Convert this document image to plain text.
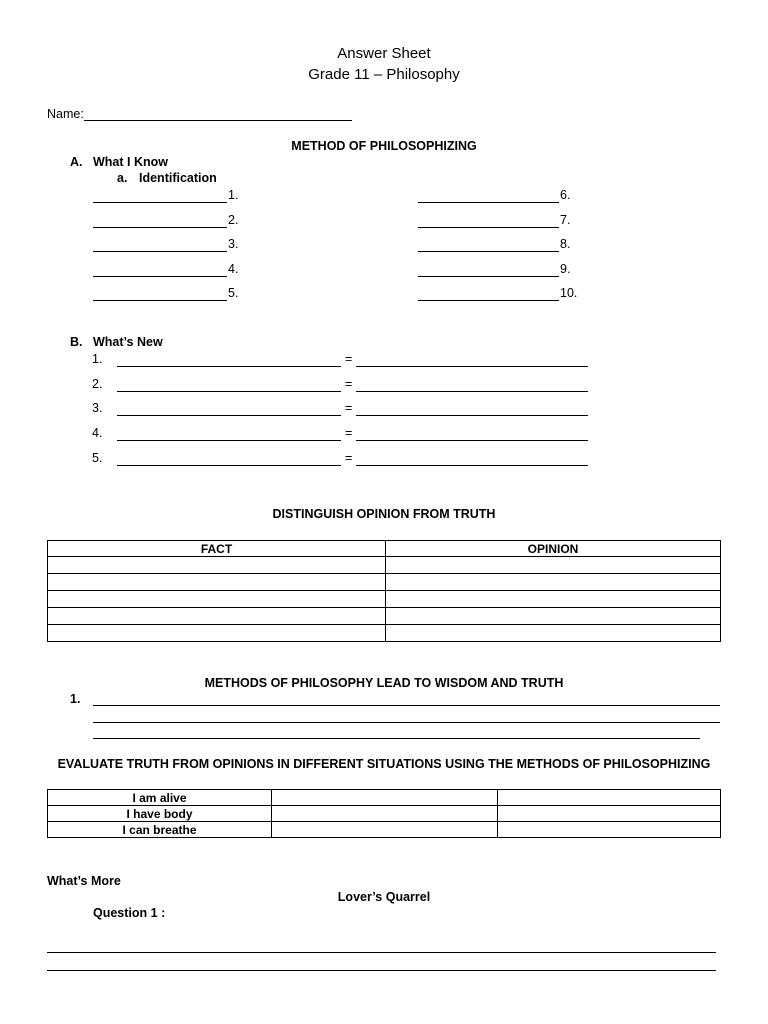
Answer Sheet
Grade 11 – Philosophy
Name:
METHOD OF PHILOSOPHIZING
A. What I Know
a. Identification
1.
2.
3.
4.
5.
6.
7.
8.
9.
10.
B. What’s New
1.	=
2.	=
3.	=
4.	=
5.	=
DISTINGUISH OPINION FROM TRUTH
FACT	OPINION

METHODS OF PHILOSOPHY LEAD TO WISDOM AND TRUTH
1.
EVALUATE TRUTH FROM OPINIONS IN DIFFERENT SITUATIONS USING THE METHODS OF PHILOSOPHIZING
I am alive		
I have body		
I can breathe		
What’s More
Lover’s Quarrel
Question 1 :
